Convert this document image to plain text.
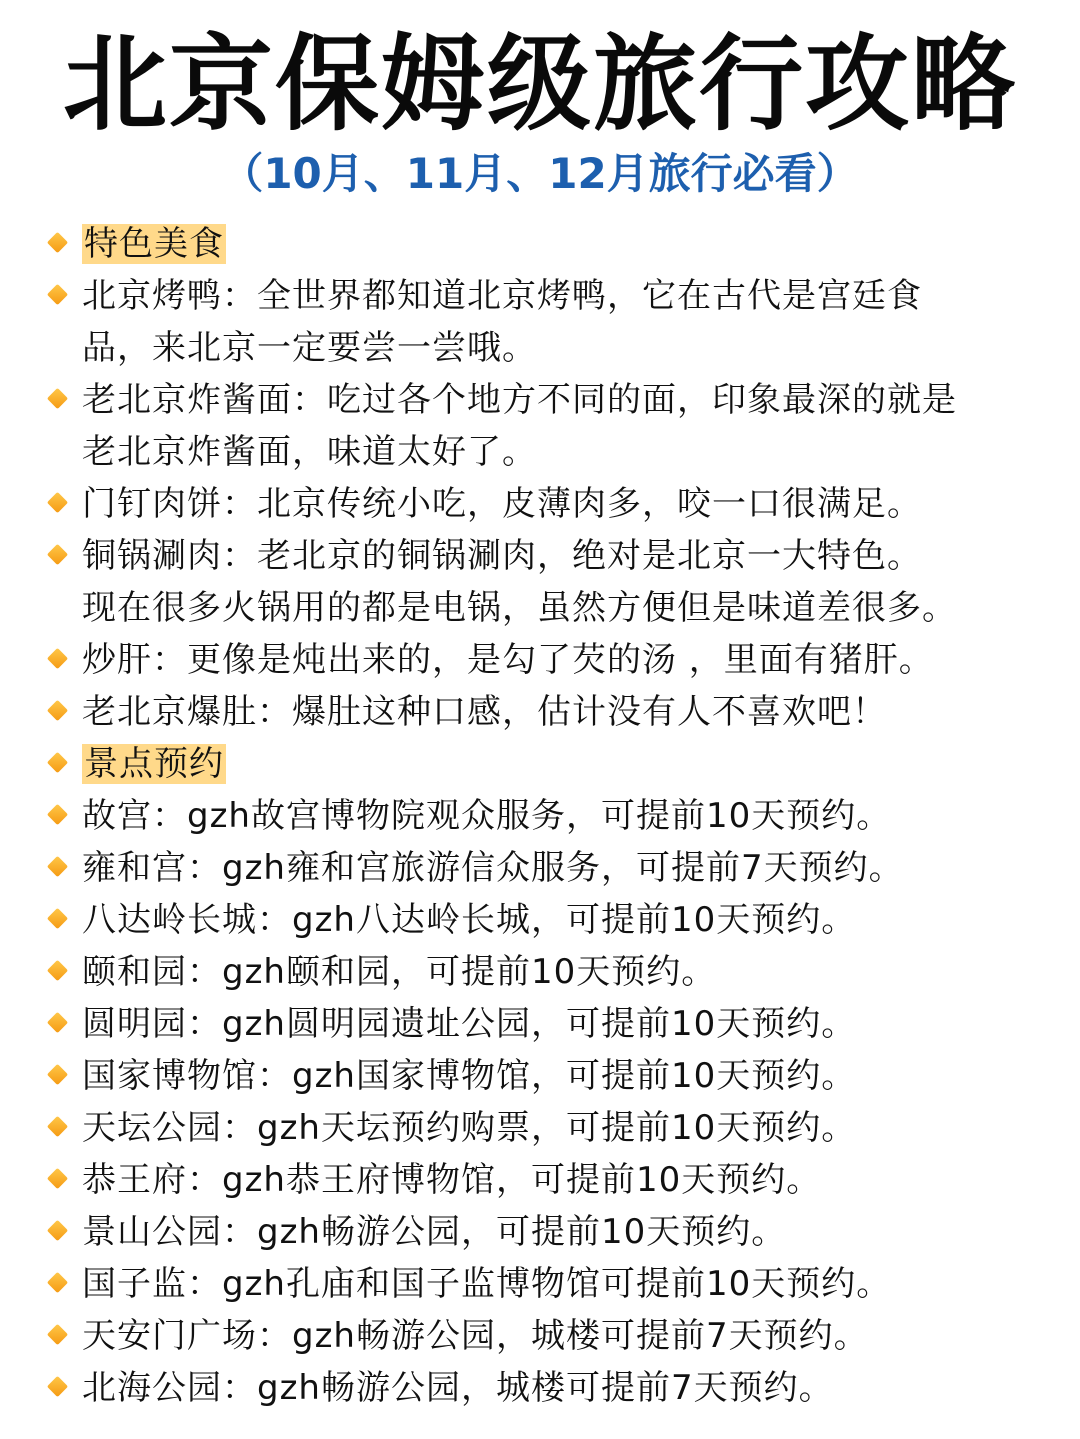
北京保姆级旅行攻略
（10月、11月、12月旅行必看）
特色美食
北京烤鸭：全世界都知道北京烤鸭，它在古代是宫廷食
品，来北京一定要尝一尝哦。
老北京炸酱面：吃过各个地方不同的面，印象最深的就是
老北京炸酱面，味道太好了。
门钉肉饼：北京传统小吃，皮薄肉多，咬一口很满足。
铜锅涮肉：老北京的铜锅涮肉，绝对是北京一大特色。
现在很多火锅用的都是电锅，虽然方便但是味道差很多。
炒肝：更像是炖出来的，是勾了芡的汤 ，里面有猪肝。
老北京爆肚：爆肚这种口感，估计没有人不喜欢吧！
景点预约
故宫：gzh故宫博物院观众服务，可提前10天预约。
雍和宫：gzh雍和宫旅游信众服务，可提前7天预约。
八达岭长城：gzh八达岭长城，可提前10天预约。
颐和园：gzh颐和园，可提前10天预约。
圆明园：gzh圆明园遗址公园，可提前10天预约。
国家博物馆：gzh国家博物馆，可提前10天预约。
天坛公园：gzh天坛预约购票，可提前10天预约。
恭王府：gzh恭王府博物馆，可提前10天预约。
景山公园：gzh畅游公园，可提前10天预约。
国子监：gzh孔庙和国子监博物馆可提前10天预约。
天安门广场：gzh畅游公园，城楼可提前7天预约。
北海公园：gzh畅游公园，城楼可提前7天预约。
